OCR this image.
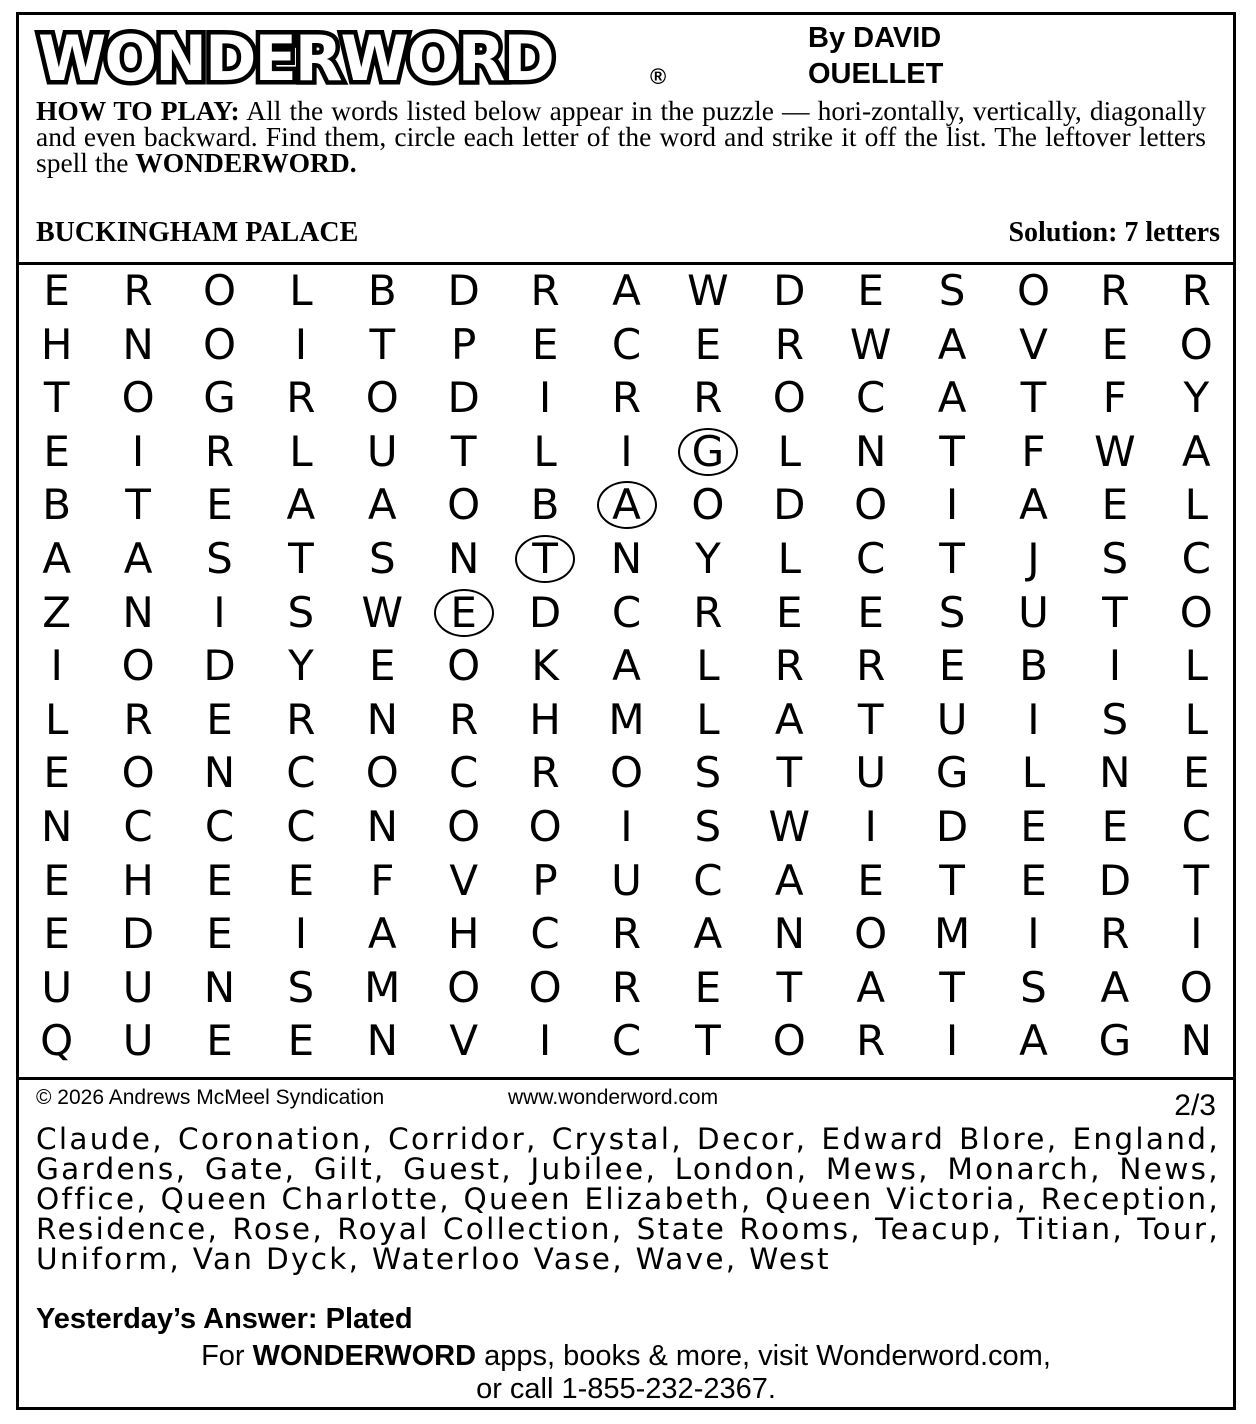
WONDERWORD	®
By DAVID
OUELLET
HOW TO PLAY: All the words listed below appear in the puzzle — hori-zontally, vertically, diagonally and even backward. Find them, circle each letter of the word and strike it off the list. The leftover letters spell the WONDERWORD.
BUCKINGHAM PALACE	Solution: 7 letters
E	R	O	L	B	D	R	A	W	D	E	S	O	R	R
H	N	O	I	T	P	E	C	E	R	W	A	V	E	O
T	O	G	R	O	D	I	R	R	O	C	A	T	F	Y
E	I	R	L	U	T	L	I	G	L	N	T	F	W	A
B	T	E	A	A	O	B	A	O	D	O	I	A	E	L
A	A	S	T	S	N	T	N	Y	L	C	T	J	S	C
Z	N	I	S	W	E	D	C	R	E	E	S	U	T	O
I	O	D	Y	E	O	K	A	L	R	R	E	B	I	L
L	R	E	R	N	R	H	M	L	A	T	U	I	S	L
E	O	N	C	O	C	R	O	S	T	U	G	L	N	E
N	C	C	C	N	O	O	I	S	W	I	D	E	E	C
E	H	E	E	F	V	P	U	C	A	E	T	E	D	T
E	D	E	I	A	H	C	R	A	N	O	M	I	R	I
U	U	N	S	M	O	O	R	E	T	A	T	S	A	O
Q	U	E	E	N	V	I	C	T	O	R	I	A	G	N
© 2026 Andrews McMeel Syndication	www.wonderword.com	2/3
Claude, Coronation, Corridor, Crystal, Decor, Edward Blore, England, Gardens, Gate, Gilt, Guest, Jubilee, London, Mews, Monarch, News, Office, Queen Charlotte, Queen Elizabeth, Queen Victoria, Reception, Residence, Rose, Royal Collection, State Rooms, Teacup, Titian, Tour, Uniform, Van Dyck, Waterloo Vase, Wave, West
Yesterday’s Answer: Plated
For WONDERWORD apps, books & more, visit Wonderword.com,
or call 1-855-232-2367.
